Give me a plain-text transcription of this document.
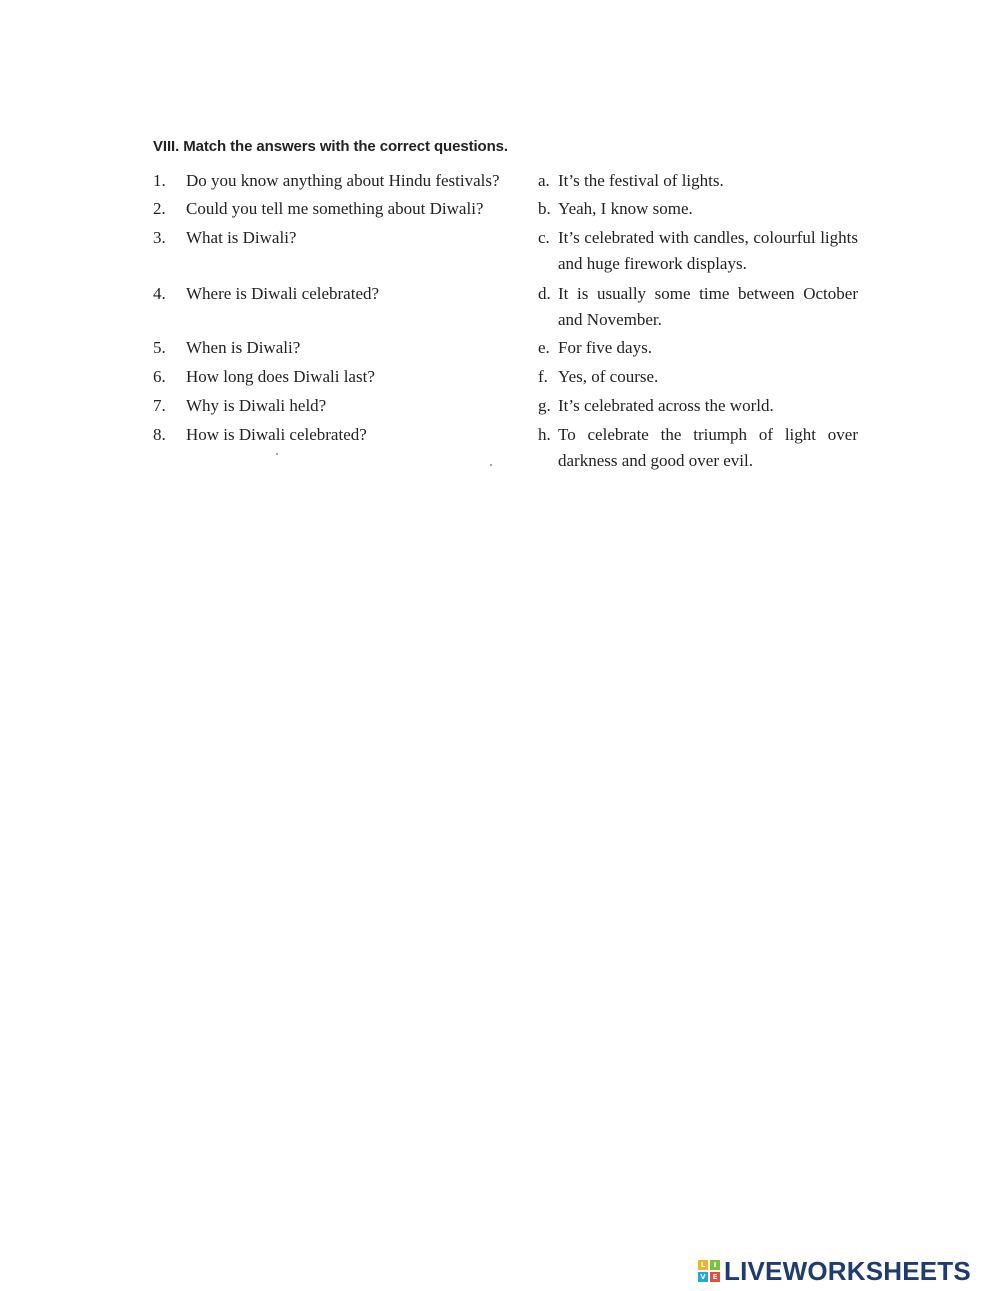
VIII. Match the answers with the correct questions.
1. Do you know anything about Hindu festivals?
2. Could you tell me something about Diwali?
3. What is Diwali?
4. Where is Diwali celebrated?
5. When is Diwali?
6. How long does Diwali last?
7. Why is Diwali held?
8. How is Diwali celebrated?
a. It’s the festival of lights.
b. Yeah, I know some.
c. It’s celebrated with candles, colourful lights and huge firework displays.
d. It is usually some time between October and November.
e. For five days.
f. Yes, of course.
g. It’s celebrated across the world.
h. To celebrate the triumph of light over darkness and good over evil.
L	I
V E LIVEWORKSHEETS
